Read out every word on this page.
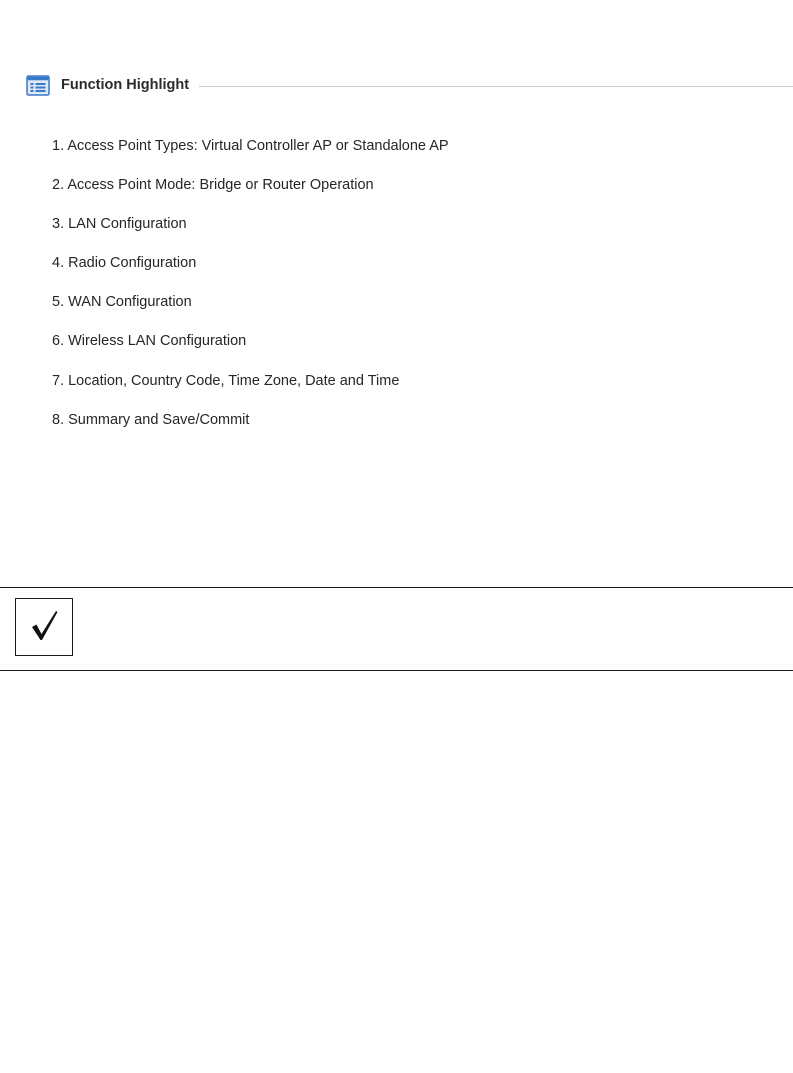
Function Highlight
1. Access Point Types: Virtual Controller AP or Standalone AP
2. Access Point Mode: Bridge or Router Operation
3. LAN Configuration
4. Radio Configuration
5. WAN Configuration
6. Wireless LAN Configuration
7. Location, Country Code, Time Zone, Date and Time
8. Summary and Save/Commit
